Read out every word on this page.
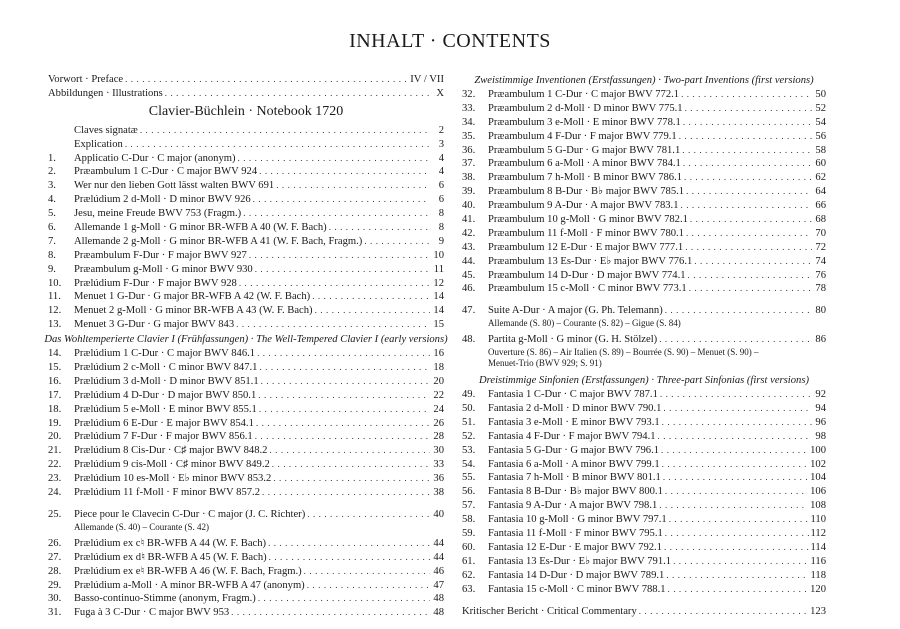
INHALT · CONTENTS
Vorwort · Preface . . .	IV / VII
Abbildungen · Illustrations . . .	X
Clavier-Büchlein · Notebook 1720
Claves signatæ . . .	2
Explication . . .	3
1.	Applicatio C-Dur · C major (anonym) . . .	4
2.	Præambulum 1 C-Dur · C major BWV 924 . . .	4
3.	Wer nur den lieben Gott lässt walten BWV 691 . . .	6
4.	Prælúdium 2 d-Moll · D minor BWV 926 . . .	6
5.	Jesu, meine Freude BWV 753 (Fragm.) . . .	8
6.	Allemande 1 g-Moll · G minor BR-WFB A 40 (W. F. Bach) . . .	8
7.	Allemande 2 g-Moll · G minor BR-WFB A 41 (W. F. Bach, Fragm.) . . .	9
8.	Præambulum F-Dur · F major BWV 927 . . .	10
9.	Præambulum g-Moll · G minor BWV 930 . . .	11
10.	Prælúdium F-Dur · F major BWV 928 . . .	12
11.	Menuet 1 G-Dur · G major BR-WFB A 42 (W. F. Bach) . . .	14
12.	Menuet 2 g-Moll · G minor BR-WFB A 43 (W. F. Bach) . . .	14
13.	Menuet 3 G-Dur · G major BWV 843 . . .	15
Das Wohltemperierte Clavier I (Frühfassungen) · The Well-Tempered Clavier I (early versions)
14.	Prælúdium 1 C-Dur · C major BWV 846.1 . . .	16
15.	Prælúdium 2 c-Moll · C minor BWV 847.1 . . .	18
16.	Prælúdium 3 d-Moll · D minor BWV 851.1 . . .	20
17.	Prælúdium 4 D-Dur · D major BWV 850.1 . . .	22
18.	Prælúdium 5 e-Moll · E minor BWV 855.1 . . .	24
19.	Prælúdium 6 E-Dur · E major BWV 854.1 . . .	26
20.	Prælúdium 7 F-Dur · F major BWV 856.1 . . .	28
21.	Prælúdium 8 Cis-Dur · C♯ major BWV 848.2 . . .	30
22.	Prælúdium 9 cis-Moll · C♯ minor BWV 849.2 . . .	33
23.	Prælúdium 10 es-Moll · E♭ minor BWV 853.2 . . .	36
24.	Prælúdium 11 f-Moll · F minor BWV 857.2 . . .	38
25.	Piece pour le Clavecin C-Dur · C major (J. C. Richter) . . .	40
Allemande (S. 40) – Courante (S. 42)
26.	Prælúdium ex c♮ BR-WFB A 44 (W. F. Bach) . . .	44
27.	Prælúdium ex d♮ BR-WFB A 45 (W. F. Bach) . . .	44
28.	Prælúdium ex e♮ BR-WFB A 46 (W. F. Bach, Fragm.) . . .	46
29.	Prælúdium a-Moll · A minor BR-WFB A 47 (anonym) . . .	47
30.	Basso-continuo-Stimme (anonym, Fragm.) . . .	48
31.	Fuga à 3 C-Dur · C major BWV 953 . . .	48
Zweistimmige Inventionen (Erstfassungen) · Two-part Inventions (first versions)
32.	Præambulum 1 C-Dur · C major BWV 772.1 . . .	50
33.	Præambulum 2 d-Moll · D minor BWV 775.1 . . .	52
34.	Præambulum 3 e-Moll · E minor BWV 778.1 . . .	54
35.	Præambulum 4 F-Dur · F major BWV 779.1 . . .	56
36.	Præambulum 5 G-Dur · G major BWV 781.1 . . .	58
37.	Præambulum 6 a-Moll · A minor BWV 784.1 . . .	60
38.	Præambulum 7 h-Moll · B minor BWV 786.1 . . .	62
39.	Præambulum 8 B-Dur · B♭ major BWV 785.1 . . .	64
40.	Præambulum 9 A-Dur · A major BWV 783.1 . . .	66
41.	Præambulum 10 g-Moll · G minor BWV 782.1 . . .	68
42.	Præambulum 11 f-Moll · F minor BWV 780.1 . . .	70
43.	Præambulum 12 E-Dur · E major BWV 777.1 . . .	72
44.	Præambulum 13 Es-Dur · E♭ major BWV 776.1 . . .	74
45.	Præambulum 14 D-Dur · D major BWV 774.1 . . .	76
46.	Præambulum 15 c-Moll · C minor BWV 773.1 . . .	78
47.	Suite A-Dur · A major (G. Ph. Telemann) . . .	80
Allemande (S. 80) – Courante (S. 82) – Gigue (S. 84)
48.	Partita g-Moll · G minor (G. H. Stölzel) . . .	86
Ouverture (S. 86) – Air Italien (S. 89) – Bourrée (S. 90) – Menuet (S. 90) –
Menuet-Trio (BWV 929; S. 91)
Dreistimmige Sinfonien (Erstfassungen) · Three-part Sinfonias (first versions)
49.	Fantasia 1 C-Dur · C major BWV 787.1 . . .	92
50.	Fantasia 2 d-Moll · D minor BWV 790.1 . . .	94
51.	Fantasia 3 e-Moll · E minor BWV 793.1 . . .	96
52.	Fantasia 4 F-Dur · F major BWV 794.1 . . .	98
53.	Fantasia 5 G-Dur · G major BWV 796.1 . . .	100
54.	Fantasia 6 a-Moll · A minor BWV 799.1 . . .	102
55.	Fantasia 7 h-Moll · B minor BWV 801.1 . . .	104
56.	Fantasia 8 B-Dur · B♭ major BWV 800.1 . . .	106
57.	Fantasia 9 A-Dur · A major BWV 798.1 . . .	108
58.	Fantasia 10 g-Moll · G minor BWV 797.1 . . .	110
59.	Fantasia 11 f-Moll · F minor BWV 795.1 . . .	112
60.	Fantasia 12 E-Dur · E major BWV 792.1 . . .	114
61.	Fantasia 13 Es-Dur · E♭ major BWV 791.1 . . .	116
62.	Fantasia 14 D-Dur · D major BWV 789.1 . . .	118
63.	Fantasia 15 c-Moll · C minor BWV 788.1 . . .	120
Kritischer Bericht · Critical Commentary . . .	123
